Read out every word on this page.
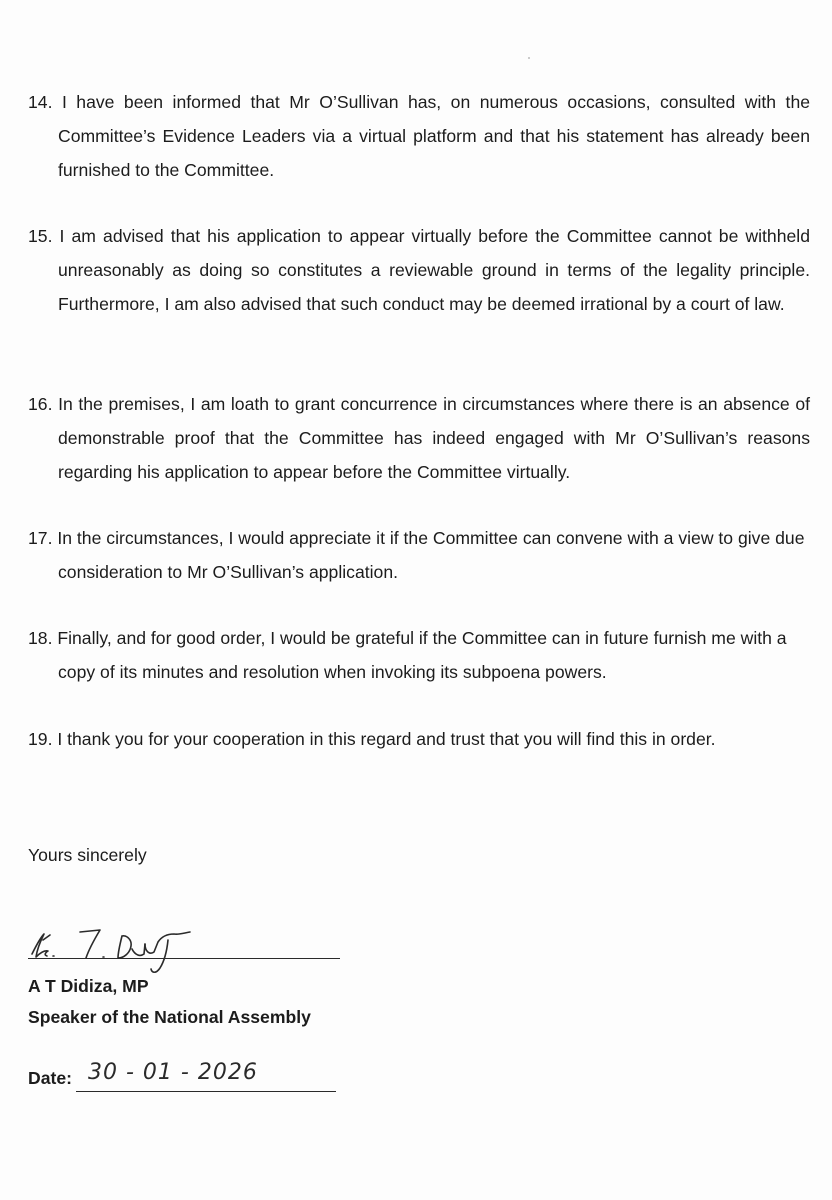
14. I have been informed that Mr O’Sullivan has, on numerous occasions, consulted with the Committee’s Evidence Leaders via a virtual platform and that his statement has already been furnished to the Committee.
15. I am advised that his application to appear virtually before the Committee cannot be withheld unreasonably as doing so constitutes a reviewable ground in terms of the legality principle. Furthermore, I am also advised that such conduct may be deemed irrational by a court of law.
16. In the premises, I am loath to grant concurrence in circumstances where there is an absence of demonstrable proof that the Committee has indeed engaged with Mr O’Sullivan’s reasons regarding his application to appear before the Committee virtually.
17. In the circumstances, I would appreciate it if the Committee can convene with a view to give due consideration to Mr O’Sullivan’s application.
18. Finally, and for good order, I would be grateful if the Committee can in future furnish me with a copy of its minutes and resolution when invoking its subpoena powers.
19. I thank you for your cooperation in this regard and trust that you will find this in order.
Yours sincerely
A T Didiza, MP
Speaker of the National Assembly
Date: 30 - 01 - 2026
